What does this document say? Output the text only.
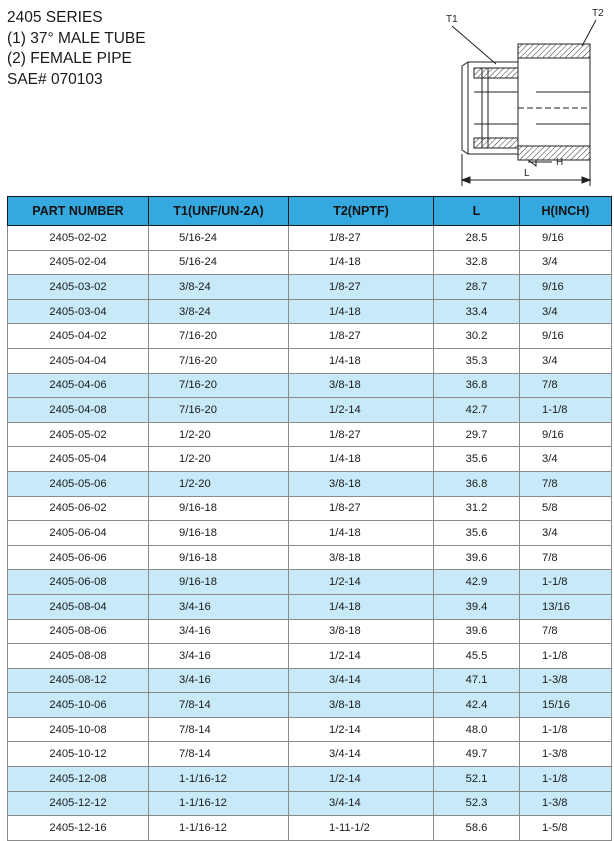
2405 SERIES
(1) 37° MALE TUBE
(2) FEMALE PIPE
SAE# 070103
T1
T2
H
L
PART NUMBER	T1(UNF/UN-2A)	T2(NPTF)	L	H(INCH)
2405-02-02	5/16-24	1/8-27	28.5	9/16
2405-02-04	5/16-24	1/4-18	32.8	3/4
2405-03-02	3/8-24	1/8-27	28.7	9/16
2405-03-04	3/8-24	1/4-18	33.4	3/4
2405-04-02	7/16-20	1/8-27	30.2	9/16
2405-04-04	7/16-20	1/4-18	35.3	3/4
2405-04-06	7/16-20	3/8-18	36.8	7/8
2405-04-08	7/16-20	1/2-14	42.7	1-1/8
2405-05-02	1/2-20	1/8-27	29.7	9/16
2405-05-04	1/2-20	1/4-18	35.6	3/4
2405-05-06	1/2-20	3/8-18	36.8	7/8
2405-06-02	9/16-18	1/8-27	31.2	5/8
2405-06-04	9/16-18	1/4-18	35.6	3/4
2405-06-06	9/16-18	3/8-18	39.6	7/8
2405-06-08	9/16-18	1/2-14	42.9	1-1/8
2405-08-04	3/4-16	1/4-18	39.4	13/16
2405-08-06	3/4-16	3/8-18	39.6	7/8
2405-08-08	3/4-16	1/2-14	45.5	1-1/8
2405-08-12	3/4-16	3/4-14	47.1	1-3/8
2405-10-06	7/8-14	3/8-18	42.4	15/16
2405-10-08	7/8-14	1/2-14	48.0	1-1/8
2405-10-12	7/8-14	3/4-14	49.7	1-3/8
2405-12-08	1-1/16-12	1/2-14	52.1	1-1/8
2405-12-12	1-1/16-12	3/4-14	52.3	1-3/8
2405-12-16	1-1/16-12	1-11-1/2	58.6	1-5/8
